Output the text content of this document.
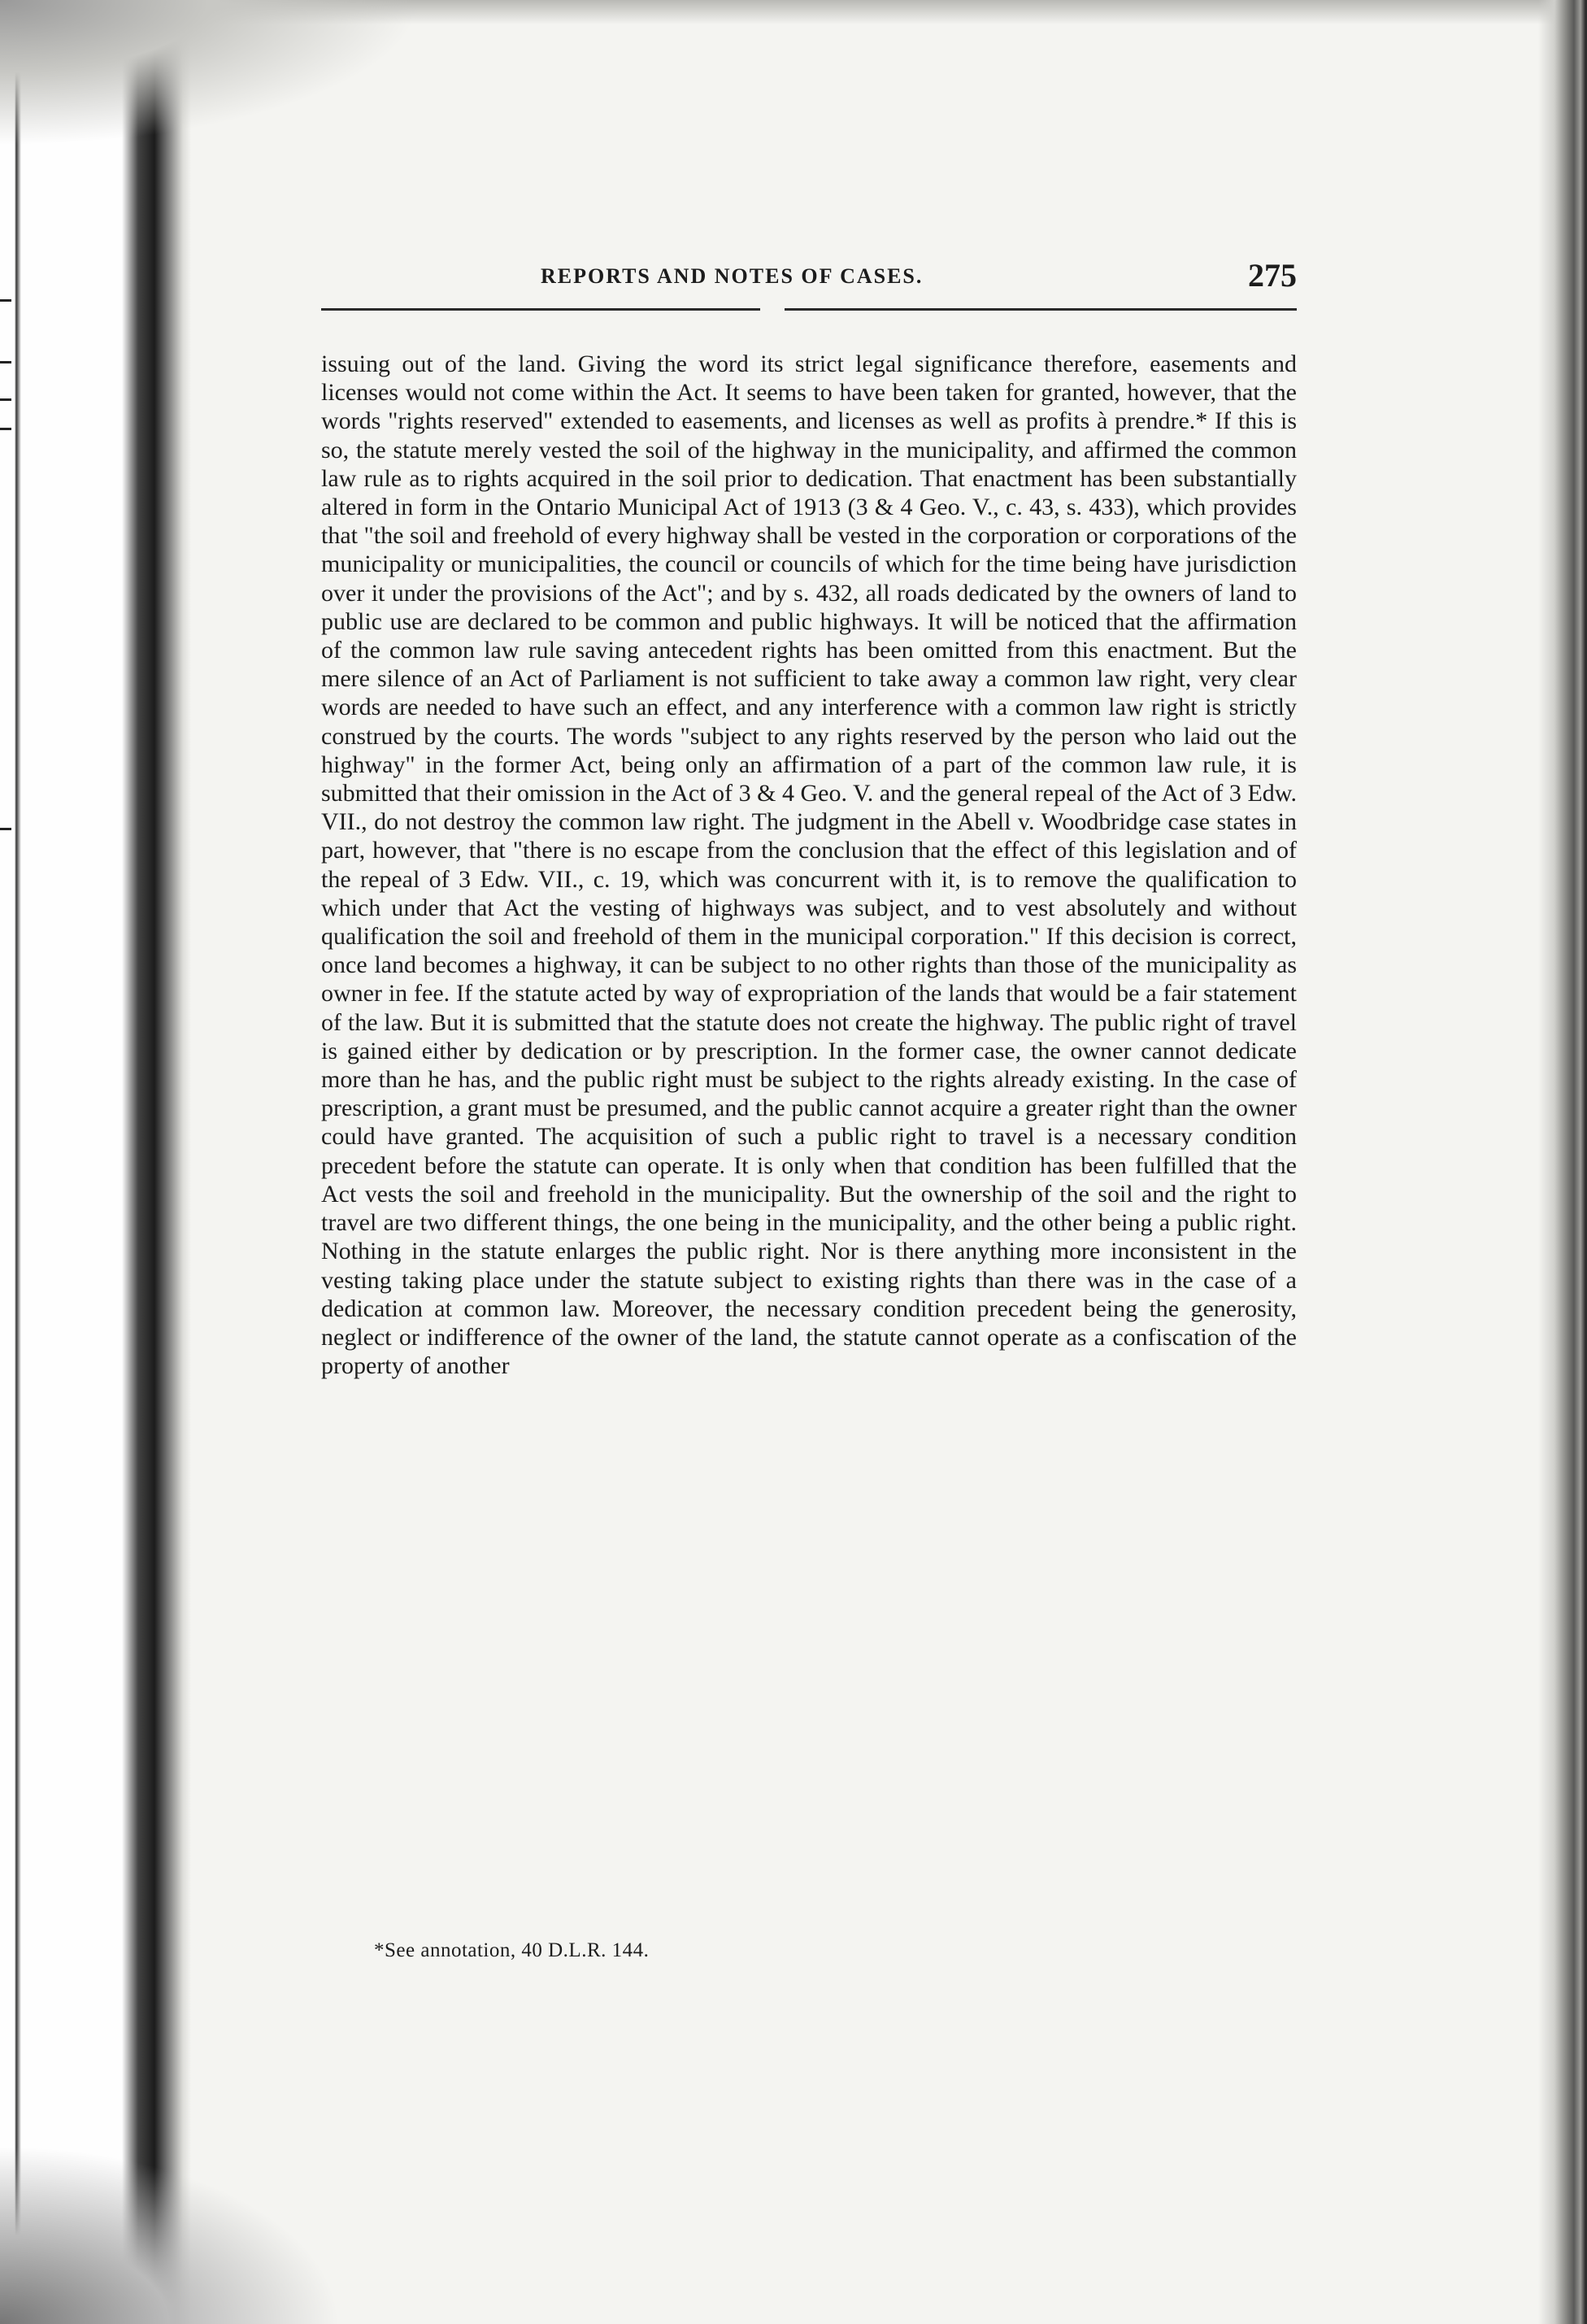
REPORTS AND NOTES OF CASES.	275

issuing out of the land. Giving the word its strict legal significance therefore, easements and licenses would not come within the Act. It seems to have been taken for granted, however, that the words "rights reserved" extended to easements, and licenses as well as profits à prendre.* If this is so, the statute merely vested the soil of the highway in the municipality, and affirmed the common law rule as to rights acquired in the soil prior to dedication. That enactment has been substantially altered in form in the Ontario Municipal Act of 1913 (3 & 4 Geo. V., c. 43, s. 433), which provides that "the soil and freehold of every highway shall be vested in the corporation or corporations of the municipality or municipalities, the council or councils of which for the time being have jurisdiction over it under the provisions of the Act"; and by s. 432, all roads dedicated by the owners of land to public use are declared to be common and public highways. It will be noticed that the affirmation of the common law rule saving antecedent rights has been omitted from this enactment. But the mere silence of an Act of Parliament is not sufficient to take away a common law right, very clear words are needed to have such an effect, and any interference with a common law right is strictly construed by the courts. The words "subject to any rights reserved by the person who laid out the highway" in the former Act, being only an affirmation of a part of the common law rule, it is submitted that their omission in the Act of 3 & 4 Geo. V. and the general repeal of the Act of 3 Edw. VII., do not destroy the common law right. The judgment in the Abell v. Woodbridge case states in part, however, that "there is no escape from the conclusion that the effect of this legislation and of the repeal of 3 Edw. VII., c. 19, which was concurrent with it, is to remove the qualification to which under that Act the vesting of highways was subject, and to vest absolutely and without qualification the soil and freehold of them in the municipal corporation." If this decision is correct, once land becomes a highway, it can be subject to no other rights than those of the municipality as owner in fee. If the statute acted by way of expropriation of the lands that would be a fair statement of the law. But it is submitted that the statute does not create the highway. The public right of travel is gained either by dedication or by prescription. In the former case, the owner cannot dedicate more than he has, and the public right must be subject to the rights already existing. In the case of prescription, a grant must be presumed, and the public cannot acquire a greater right than the owner could have granted. The acquisition of such a public right to travel is a necessary condition precedent before the statute can operate. It is only when that condition has been fulfilled that the Act vests the soil and freehold in the municipality. But the ownership of the soil and the right to travel are two different things, the one being in the municipality, and the other being a public right. Nothing in the statute enlarges the public right. Nor is there anything more inconsistent in the vesting taking place under the statute subject to existing rights than there was in the case of a dedication at common law. Moreover, the necessary condition precedent being the generosity, neglect or indifference of the owner of the land, the statute cannot operate as a confiscation of the property of another

*See annotation, 40 D.L.R. 144.
